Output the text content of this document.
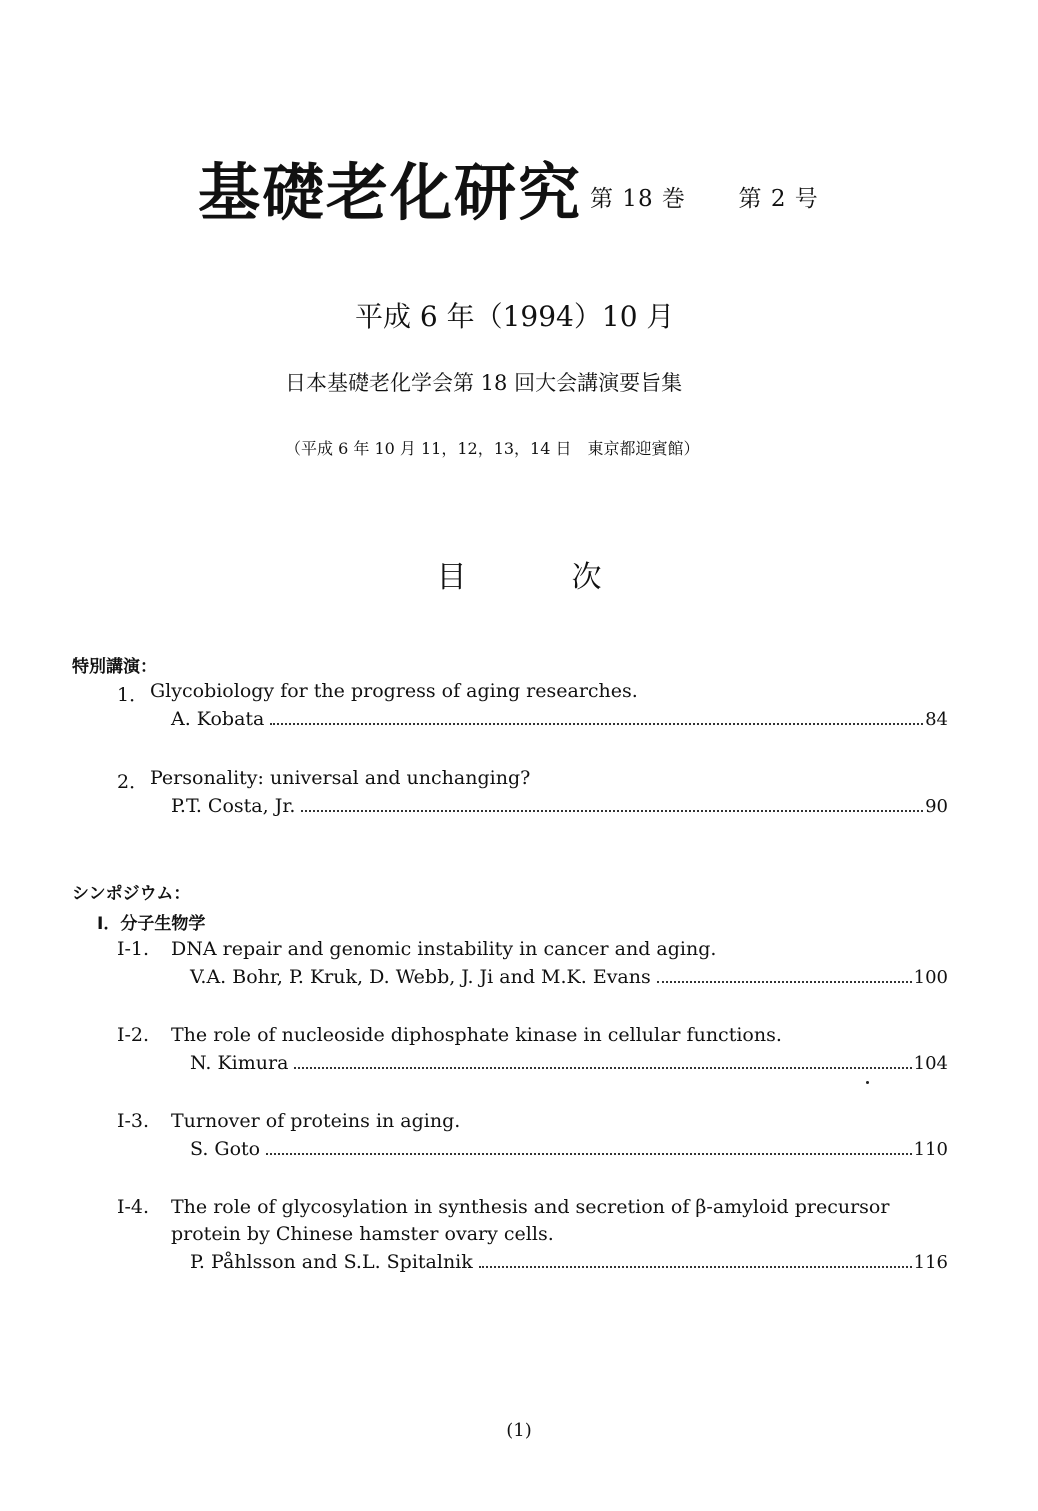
基礎老化研究 第 18 巻 第 2 号
平成 6 年（1994）10 月
日本基礎老化学会第 18 回大会講演要旨集
（平成 6 年 10 月 11，12，13，14 日　東京都迎賓館）
目	次
特別講演：
1． Glycobiology for the progress of aging researches.
A. Kobata	84
2． Personality: universal and unchanging?
P.T. Costa, Jr.	90
シンポジウム：
Ⅰ．分子生物学
Ⅰ-1. DNA repair and genomic instability in cancer and aging.
V.A. Bohr, P. Kruk, D. Webb, J. Ji and M.K. Evans	100
Ⅰ-2. The role of nucleoside diphosphate kinase in cellular functions.
N. Kimura	104
Ⅰ-3. Turnover of proteins in aging.
S. Goto	110
Ⅰ-4. The role of glycosylation in synthesis and secretion of β-amyloid precursor
protein by Chinese hamster ovary cells.
P. Påhlsson and S.L. Spitalnik	116
(1)
